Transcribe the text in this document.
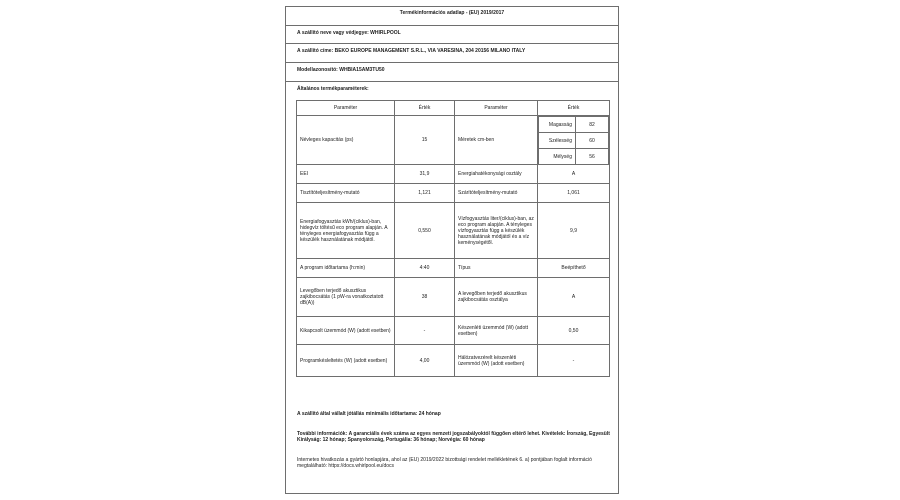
Termékinformációs adatlap - (EU) 2019/2017
A szállító neve vagy védjegye: WHIRLPOOL
A szállító címe: BEKO EUROPE MANAGEMENT S.R.L., VIA VARESINA, 204 20156 MILANO ITALY
Modellazonosító: WHBIA15AM3TU50
Általános termékparaméterek:
Paraméter	Érték	Paraméter	Érték
Névleges kapacitás (ps)	15	Méretek cm-ben	
Magasság	82
Szélesség	60
Mélység	56

EEI	31,9	Energiahatékonysági osztály	A
Tisztítóteljesítmény-mutató	1,121	Szárítóteljesítmény-mutató	1,061
Energiafogyasztás kWh/(ciklus)-ban, hidegvíz töltésű eco program alapján. A tényleges energiafogyasztás függ a készülék használatának módjától.	0,550	Vízfogyasztás liter/(ciklus)-ban, az eco program alapján. A tényleges vízfogyasztás függ a készülék használatának módjától és a víz keménységétől.	9,9
A program időtartama (h:min)	4:40	Típus	Beépíthető
Levegőben terjedő akusztikus zajkibocsátás (1 pW-ra vonatkoztatott dB(A))	38	A levegőben terjedő akusztikus zajkibocsátás osztálya	A
Kikapcsolt üzemmód (W) (adott esetben)	-	Készenléti üzemmód (W) (adott esetben)	0,50
Programkésleltetés (W) (adott esetben)	4,00	Hálózatvezérelt készenléti üzemmód (W) (adott esetben)	-
A szállító által vállalt jótállás minimális időtartama: 24 hónap
További információk: A garanciális évek száma az egyes nemzeti jogszabályoktól függően eltérő lehet. Kivételek: Írország, Egyesült Királyság: 12 hónap; Spanyolország, Portugália: 36 hónap; Norvégia: 60 hónap
Internetes hivatkozás a gyártó honlapjára, ahol az (EU) 2019/2022 bizottsági rendelet mellékletének 6. a) pontjában foglalt információ megtalálható: https://docs.whirlpool.eu/docs
